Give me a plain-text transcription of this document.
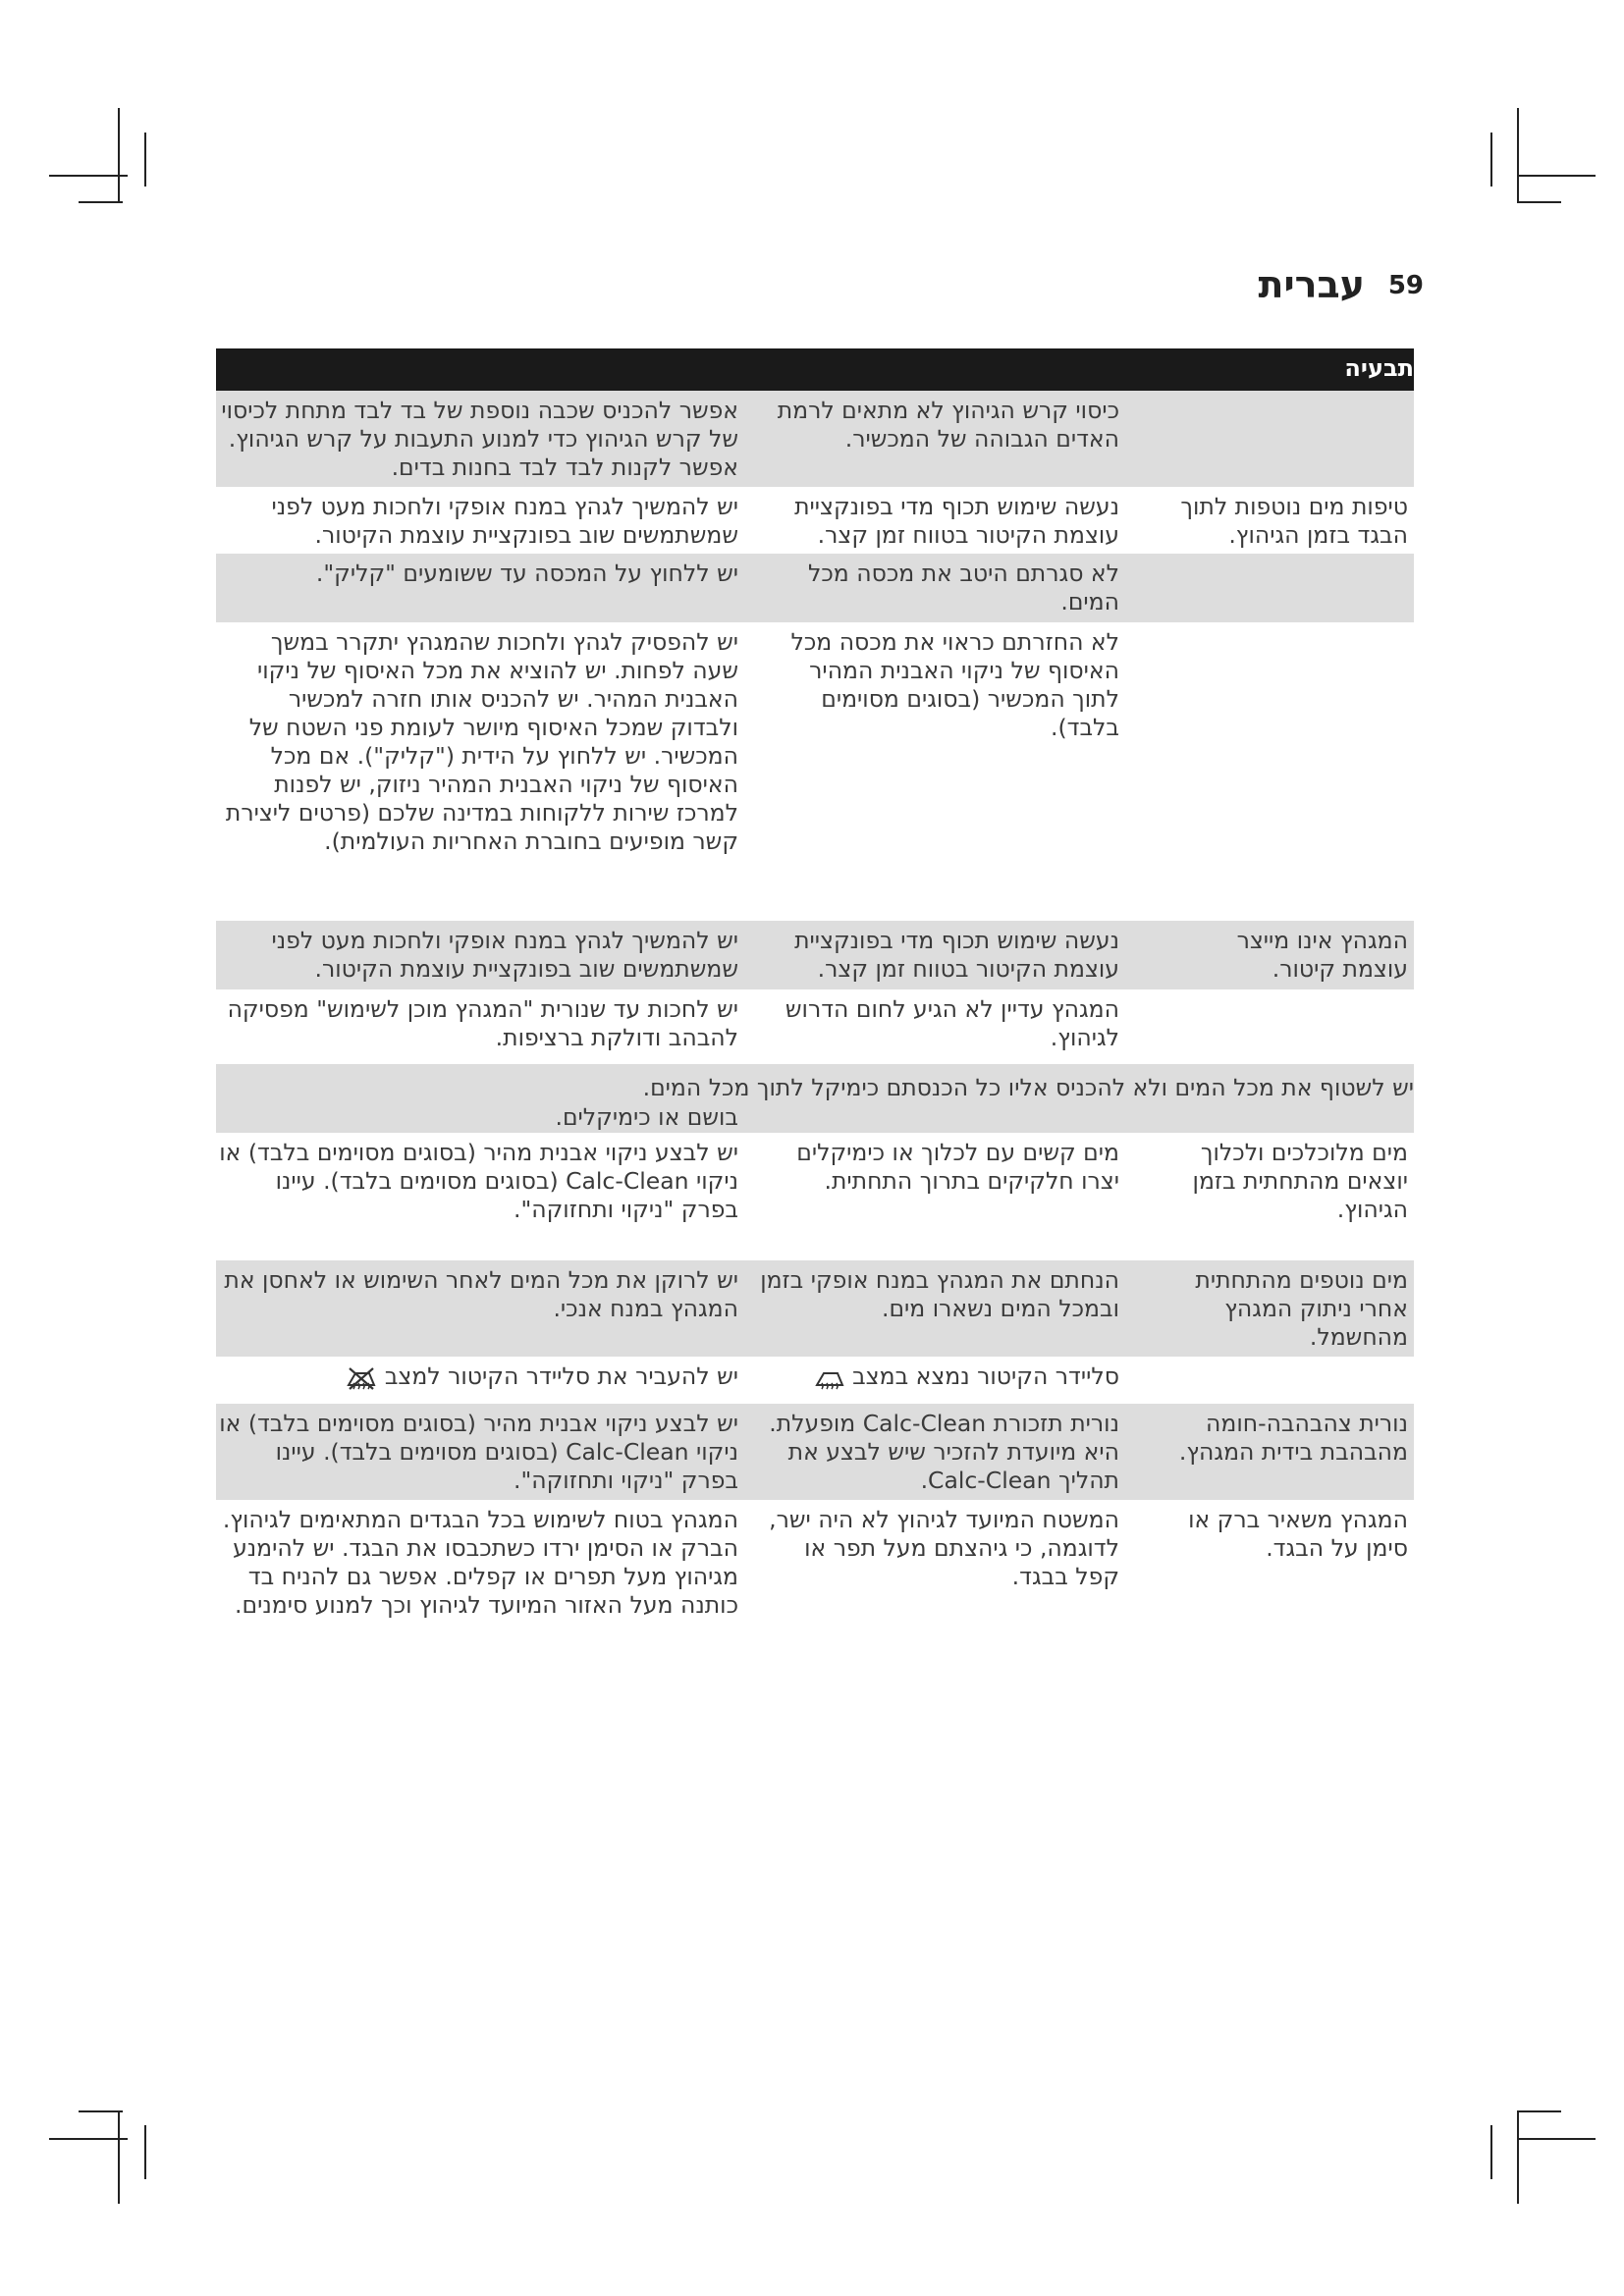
עברית 59
תבעיה
כיסוי קרש הגיהוץ לא מתאים לרמת האדים הגבוהה של המכשיר.
אפשר להכניס שכבה נוספת של בד לבד מתחת לכיסוי של קרש הגיהוץ כדי למנוע התעבות על קרש הגיהוץ. אפשר לקנות לבד לבד בחנות בדים.
טיפות מים נוטפות לתוך הבגד בזמן הגיהוץ.
נעשה שימוש תכוף מדי בפונקציית עוצמת הקיטור בטווח זמן קצר.
יש להמשיך לגהץ במנח אופקי ולחכות מעט לפני שמשתמשים שוב בפונקציית עוצמת הקיטור.
לא סגרתם היטב את מכסה מכל המים.
יש ללחוץ על המכסה עד ששומעים "קליק".
לא החזרתם כראוי את מכסה מכל האיסוף של ניקוי האבנית המהיר לתוך המכשיר (בסוגים מסוימים בלבד).
יש להפסיק לגהץ ולחכות שהמגהץ יתקרר במשך שעה לפחות. יש להוציא את מכל האיסוף של ניקוי האבנית המהיר. יש להכניס אותו חזרה למכשיר ולבדוק שמכל האיסוף מיושר לעומת פני השטח של המכשיר. יש ללחוץ על הידית ("קליק"). אם מכל האיסוף של ניקוי האבנית המהיר ניזוק, יש לפנות למרכז שירות ללקוחות במדינה שלכם (פרטים ליצירת קשר מופיעים בחוברת האחריות העולמית).
המגהץ אינו מייצר עוצמת קיטור.
נעשה שימוש תכוף מדי בפונקציית עוצמת הקיטור בטווח זמן קצר.
יש להמשיך לגהץ במנח אופקי ולחכות מעט לפני שמשתמשים שוב בפונקציית עוצמת הקיטור.
המגהץ עדיין לא הגיע לחום הדרוש לגיהוץ.
יש לחכות עד שנורית "המגהץ מוכן לשימוש" מפסיקה להבהב ודולקת ברציפות.
יש לשטוף את מכל המים ולא להכניס אליו כל הכנסתם כימיקל לתוך מכל המים.
בושם או כימיקלים.
מים מלוכלכים ולכלוך יוצאים מהתחתית בזמן הגיהוץ.
מים קשים עם לכלוך או כימיקלים יצרו חלקיקים בתרוך התחתית.
יש לבצע ניקוי אבנית מהיר (בסוגים מסוימים בלבד) או ניקוי Calc-Clean (בסוגים מסוימים בלבד). עיינו בפרק "ניקוי ותחזוקה".
מים נוטפים מהתחתית אחרי ניתוק המגהץ מהחשמל.
הנחתם את המגהץ במנח אופקי בזמן ובמכל המים נשארו מים.
יש לרוקן את מכל המים לאחר השימוש או לאחסן את המגהץ במנח אנכי.
סליידר הקיטור נמצא במצב
יש להעביר את סליידר הקיטור למצב
נורית צהבהבה-חומה מהבהבת בידית המגהץ.
נורית תזכורת Calc-Clean מופעלת. היא מיועדת להזכיר שיש לבצע את תהליך Calc-Clean.
יש לבצע ניקוי אבנית מהיר (בסוגים מסוימים בלבד) או ניקוי Calc-Clean (בסוגים מסוימים בלבד). עיינו בפרק "ניקוי ותחזוקה".
המגהץ משאיר ברק או סימן על הבגד.
המשטח המיועד לגיהוץ לא היה ישר, לדוגמה, כי גיהצתם מעל תפר או קפל בבגד.
המגהץ בטוח לשימוש בכל הבגדים המתאימים לגיהוץ. הברק או הסימן ירדו כשתכבסו את הבגד. יש להימנע מגיהוץ מעל תפרים או קפלים. אפשר גם להניח בד כותנה מעל האזור המיועד לגיהוץ וכך למנוע סימנים.
